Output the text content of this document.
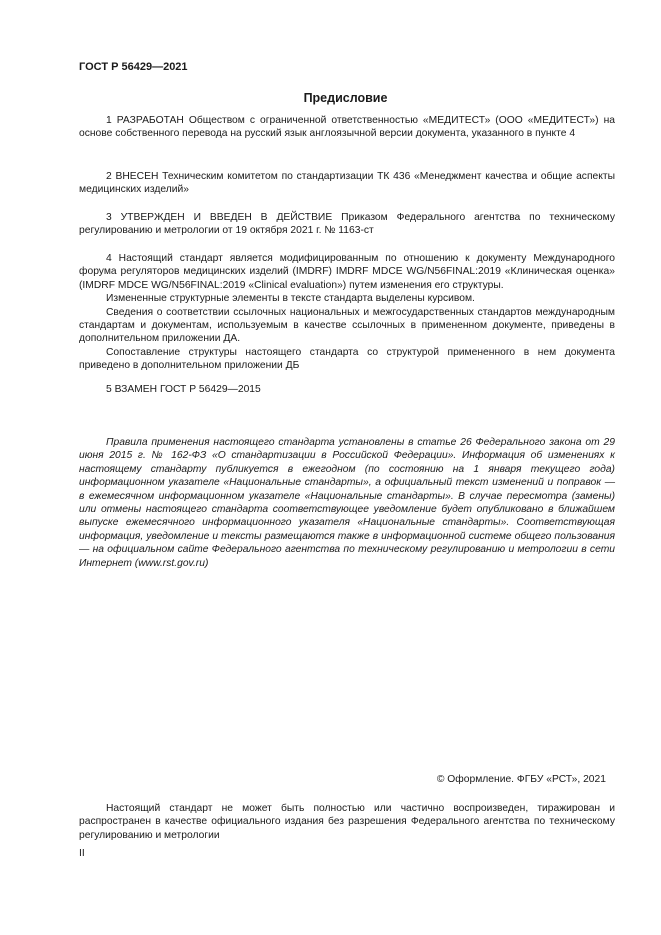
ГОСТ Р 56429—2021
Предисловие

1 РАЗРАБОТАН Обществом с ограниченной ответственностью «МЕДИТЕСТ» (ООО «МЕДИТЕСТ») на основе собственного перевода на русский язык англоязычной версии документа, указанного в пункте 4

2 ВНЕСЕН Техническим комитетом по стандартизации ТК 436 «Менеджмент качества и общие аспекты медицинских изделий»

3 УТВЕРЖДЕН И ВВЕДЕН В ДЕЙСТВИЕ Приказом Федерального агентства по техническому регулированию и метрологии от 19 октября 2021 г. № 1163-ст

4 Настоящий стандарт является модифицированным по отношению к документу Международного форума регуляторов медицинских изделий (IMDRF) IMDRF MDCE WG/N56FINAL:2019 «Клиническая оценка» (IMDRF MDCE WG/N56FINAL:2019 «Clinical evaluation») путем изменения его структуры.

Измененные структурные элементы в тексте стандарта выделены курсивом.

Сведения о соответствии ссылочных национальных и межгосударственных стандартов международным стандартам и документам, используемым в качестве ссылочных в примененном документе, приведены в дополнительном приложении ДА.

Сопоставление структуры настоящего стандарта со структурой примененного в нем документа приведено в дополнительном приложении ДБ

5 ВЗАМЕН ГОСТ Р 56429—2015

Правила применения настоящего стандарта установлены в статье 26 Федерального закона от 29 июня 2015 г. № 162-ФЗ «О стандартизации в Российской Федерации». Информация об изменениях к настоящему стандарту публикуется в ежегодном (по состоянию на 1 января текущего года) информационном указателе «Национальные стандарты», а официальный текст изменений и поправок — в ежемесячном информационном указателе «Национальные стандарты». В случае пересмотра (замены) или отмены настоящего стандарта соответствующее уведомление будет опубликовано в ближайшем выпуске ежемесячного информационного указателя «Национальные стандарты». Соответствующая информация, уведомление и тексты размещаются также в информационной системе общего пользования — на официальном сайте Федерального агентства по техническому регулированию и метрологии в сети Интернет (www.rst.gov.ru)

© Оформление. ФГБУ «РСТ», 2021

Настоящий стандарт не может быть полностью или частично воспроизведен, тиражирован и распространен в качестве официального издания без разрешения Федерального агентства по техническому регулированию и метрологии

II
